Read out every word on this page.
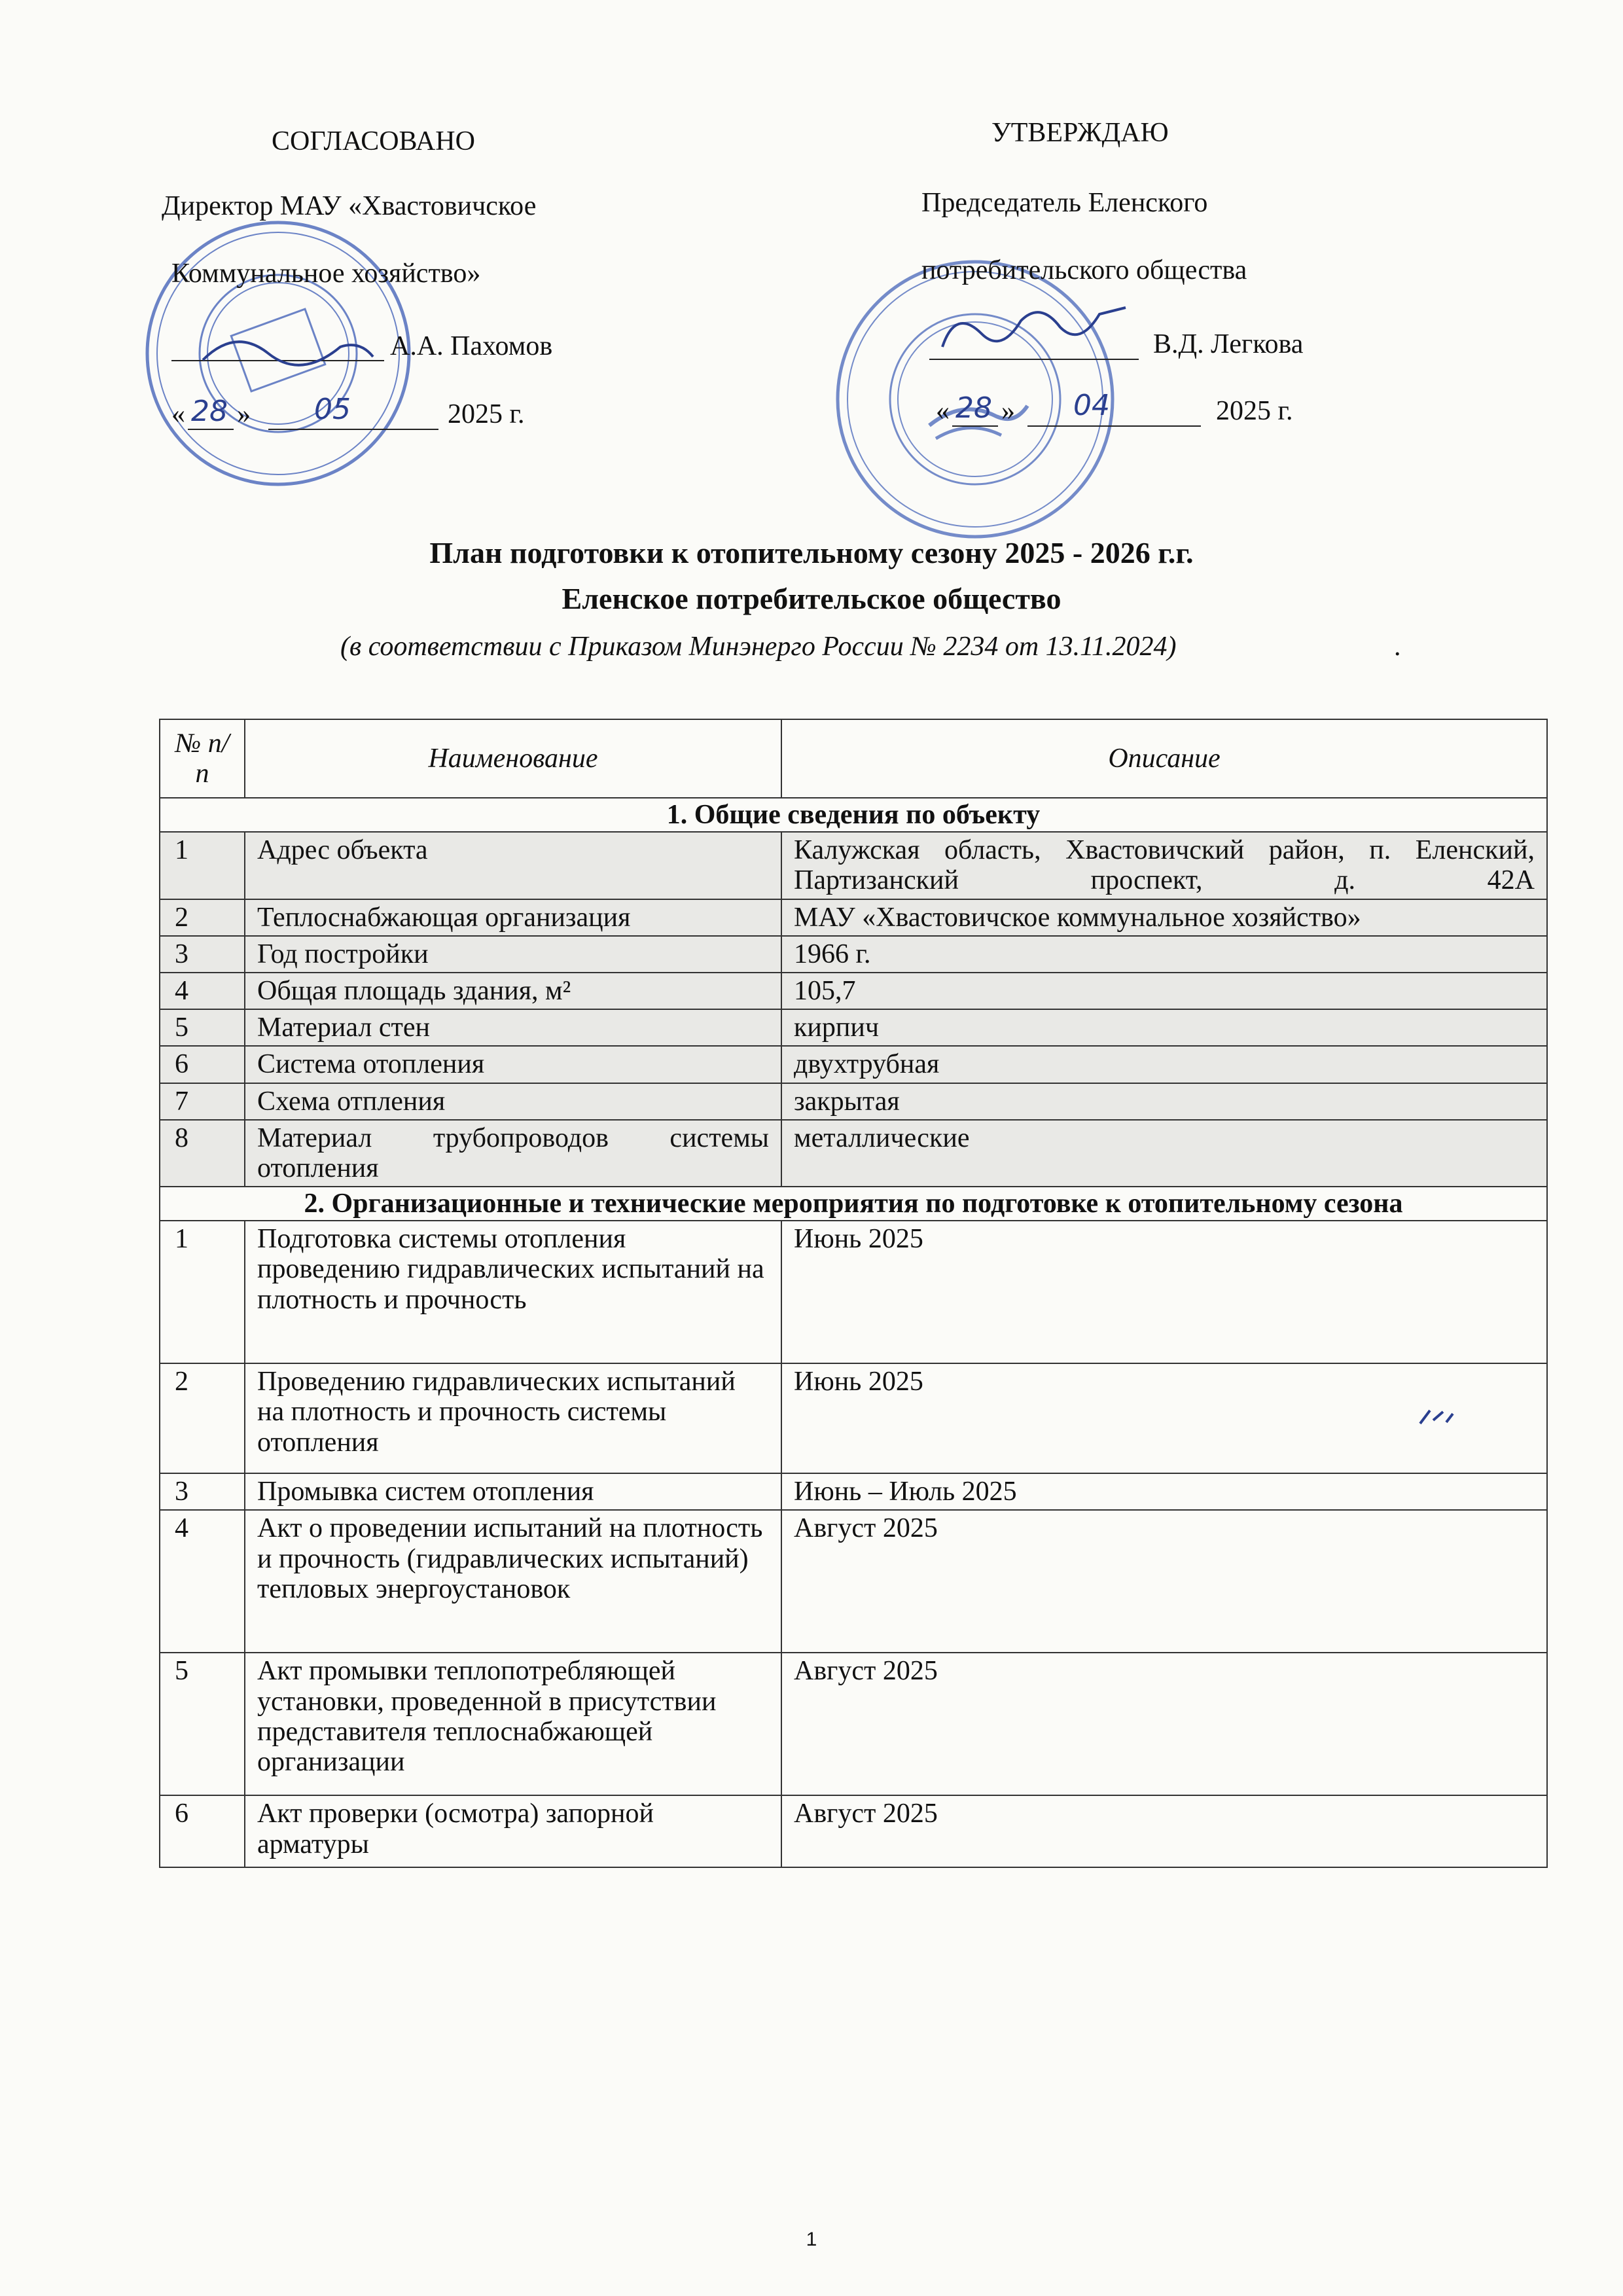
СОГЛАСОВАНО
Директор МАУ «Хвастовичское
Коммунальное хозяйство»
А.А. Пахомов
« 28 » 05	2025 г.
УТВЕРЖДАЮ
Председатель Еленского
потребительского общества
В.Д. Легкова
« 28 » 04	2025 г.
План подготовки к отопительному сезону 2025 - 2026 г.г.
Еленское потребительское общество
(в соответствии с Приказом Минэнерго России № 2234 от 13.11.2024)	.
№ п/п	Наименование	Описание
1. Общие сведения по объекту		
1	Адрес объекта	Калужская область, Хвастовичский район, п. Еленский, Партизанский проспект, д. 42А
2	Теплоснабжающая организация	МАУ «Хвастовичское коммунальное хозяйство»
3	Год постройки	1966 г.
4	Общая площадь здания, м²	105,7
5	Материал стен	кирпич
6	Система отопления	двухтрубная
7	Схема отпления	закрытая
8	Материал трубопроводов системы отопления	металлические
2. Организационные и технические мероприятия по подготовке к отопительному сезона		
1	Подготовка системы отопления проведению гидравлических испытаний на плотность и прочность	Июнь 2025
2	Проведению гидравлических испытаний на плотность и прочность системы отопления	Июнь 2025
3	Промывка систем отопления	Июнь – Июль 2025
4	Акт о проведении испытаний на плотность и прочность (гидравлических испытаний) тепловых энергоустановок	Август 2025
5	Акт промывки теплопотребляющей установки, проведенной в присутствии представителя теплоснабжающей организации	Август 2025
6	Акт проверки (осмотра) запорной арматуры	Август 2025
1
